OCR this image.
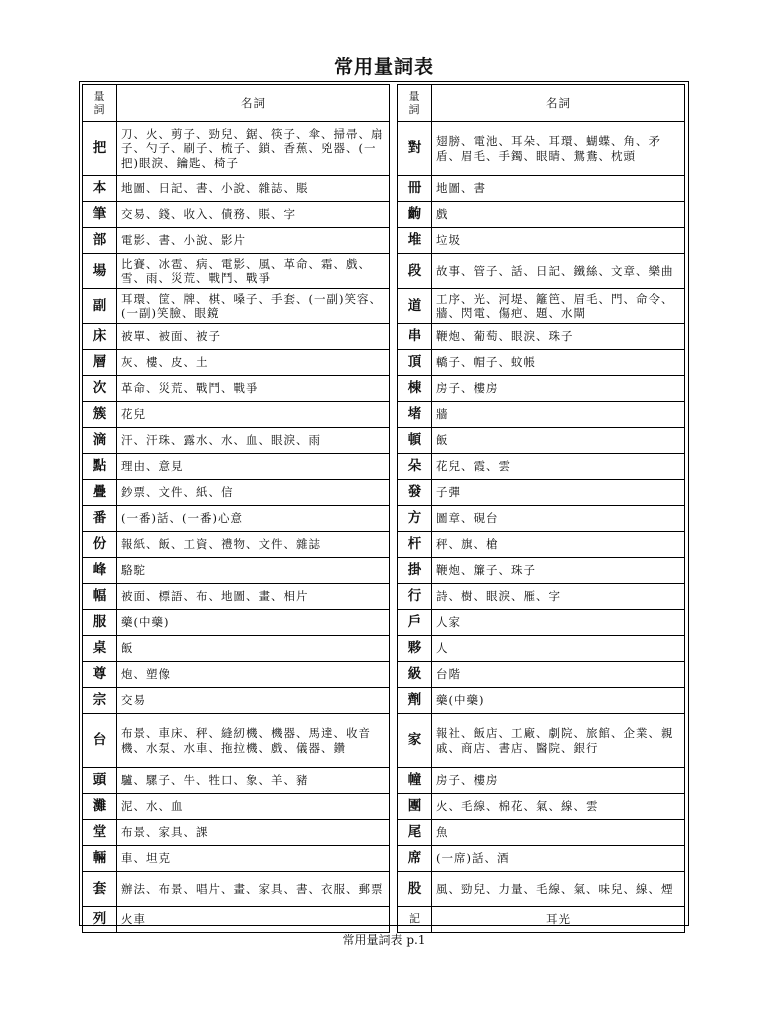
常用量詞表
量
詞	名詞
把	刀、火、剪子、勁兒、鋸、筷子、傘、掃帚、扇子、勺子、刷子、梳子、鎖、香蕉、兇器、(一把)眼淚、鑰匙、椅子
本	地圖、日記、書、小說、雜誌、賬
筆	交易、錢、收入、債務、賬、字
部	電影、書、小說、影片
場	比賽、冰雹、病、電影、風、革命、霜、戲、雪、雨、災荒、戰鬥、戰爭
副	耳環、筐、牌、棋、嗓子、手套、(一副)笑容、(一副)笑臉、眼鏡
床	被單、被面、被子
層	灰、樓、皮、土
次	革命、災荒、戰鬥、戰爭
簇	花兒
滴	汗、汗珠、露水、水、血、眼淚、雨
點	理由、意見
疊	鈔票、文件、紙、信
番	(一番)話、(一番)心意
份	報紙、飯、工資、禮物、文件、雜誌
峰	駱駝
幅	被面、標語、布、地圖、畫、相片
服	藥(中藥)
桌	飯
尊	炮、塑像
宗	交易
台	布景、車床、秤、縫紉機、機器、馬達、收音機、水泵、水車、拖拉機、戲、儀器、鑽
頭	驢、騾子、牛、牲口、象、羊、豬
灘	泥、水、血
堂	布景、家具、課
輛	車、坦克
套	辦法、布景、唱片、畫、家具、書、衣服、郵票
列	火車
量
詞	名詞
對	翅膀、電池、耳朵、耳環、蝴蝶、角、矛盾、眉毛、手鐲、眼睛、鴛鴦、枕頭
冊	地圖、書
齣	戲
堆	垃圾
段	故事、管子、話、日記、鐵絲、文章、樂曲
道	工序、光、河堤、籬笆、眉毛、門、命令、牆、閃電、傷疤、題、水閘
串	鞭炮、葡萄、眼淚、珠子
頂	轎子、帽子、蚊帳
棟	房子、樓房
堵	牆
頓	飯
朵	花兒、霞、雲
發	子彈
方	圖章、硯台
杆	秤、旗、槍
掛	鞭炮、簾子、珠子
行	詩、樹、眼淚、雁、字
戶	人家
夥	人
級	台階
劑	藥(中藥)
家	報社、飯店、工廠、劇院、旅館、企業、親戚、商店、書店、醫院、銀行
幢	房子、樓房
團	火、毛線、棉花、氣、線、雲
尾	魚
席	(一席)話、酒
股	風、勁兒、力量、毛線、氣、味兒、線、煙
記	耳光
常用量詞表 p.1
